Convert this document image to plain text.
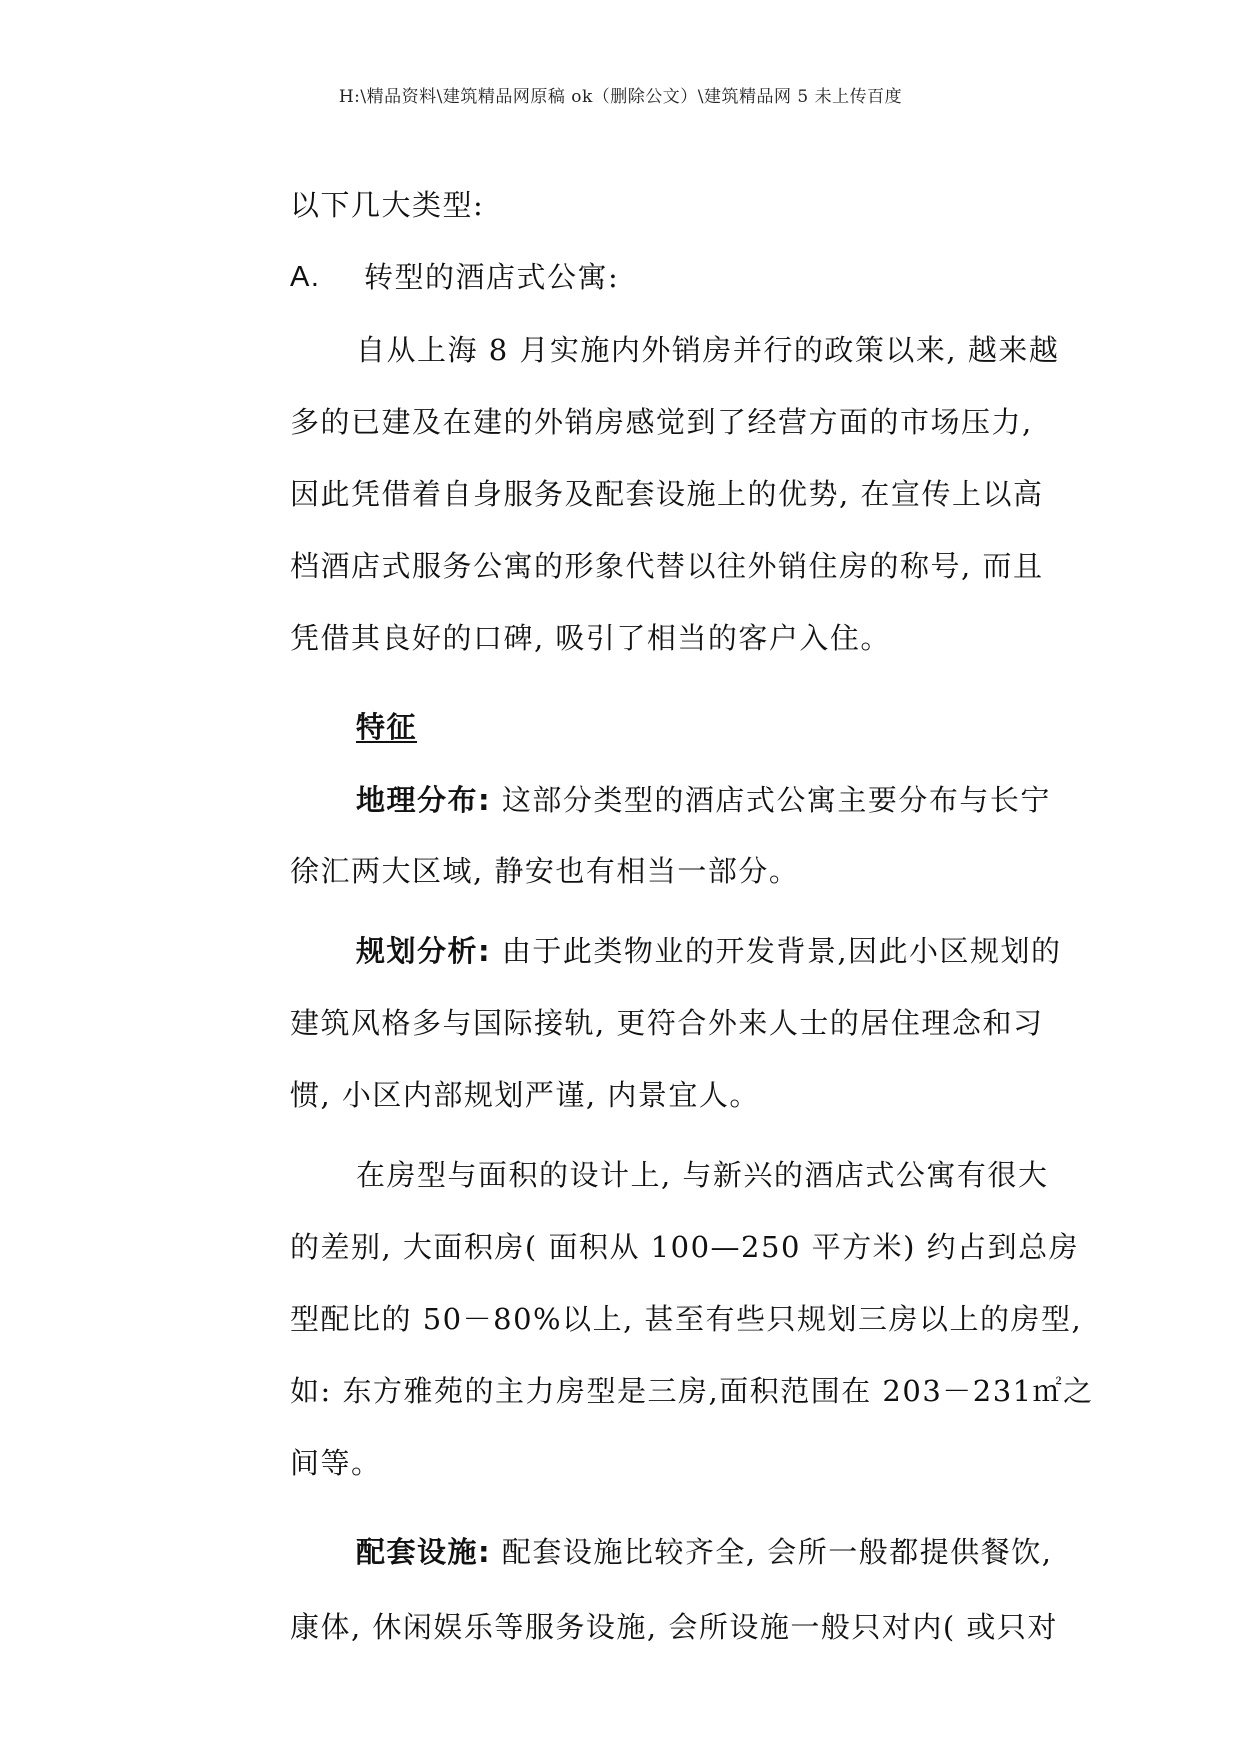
H:\精品资料\建筑精品网原稿 ok（删除公文）\建筑精品网 5 未上传百度
以下几大类型:
A. 转型的酒店式公寓:
自从上海 8 月实施内外销房并行的政策以来, 越来越
多的已建及在建的外销房感觉到了经营方面的市场压力,
因此凭借着自身服务及配套设施上的优势, 在宣传上以高
档酒店式服务公寓的形象代替以往外销住房的称号, 而且
凭借其良好的口碑, 吸引了相当的客户入住。
特征
地理分布: 这部分类型的酒店式公寓主要分布与长宁
徐汇两大区域, 静安也有相当一部分。
规划分析: 由于此类物业的开发背景,因此小区规划的
建筑风格多与国际接轨, 更符合外来人士的居住理念和习
惯, 小区内部规划严谨, 内景宜人。
在房型与面积的设计上, 与新兴的酒店式公寓有很大
的差别, 大面积房( 面积从 100—250 平方米) 约占到总房
型配比的 50－80%以上, 甚至有些只规划三房以上的房型,
如: 东方雅苑的主力房型是三房,面积范围在 203－231㎡之
间等。
配套设施: 配套设施比较齐全, 会所一般都提供餐饮,
康体, 休闲娱乐等服务设施, 会所设施一般只对内( 或只对
